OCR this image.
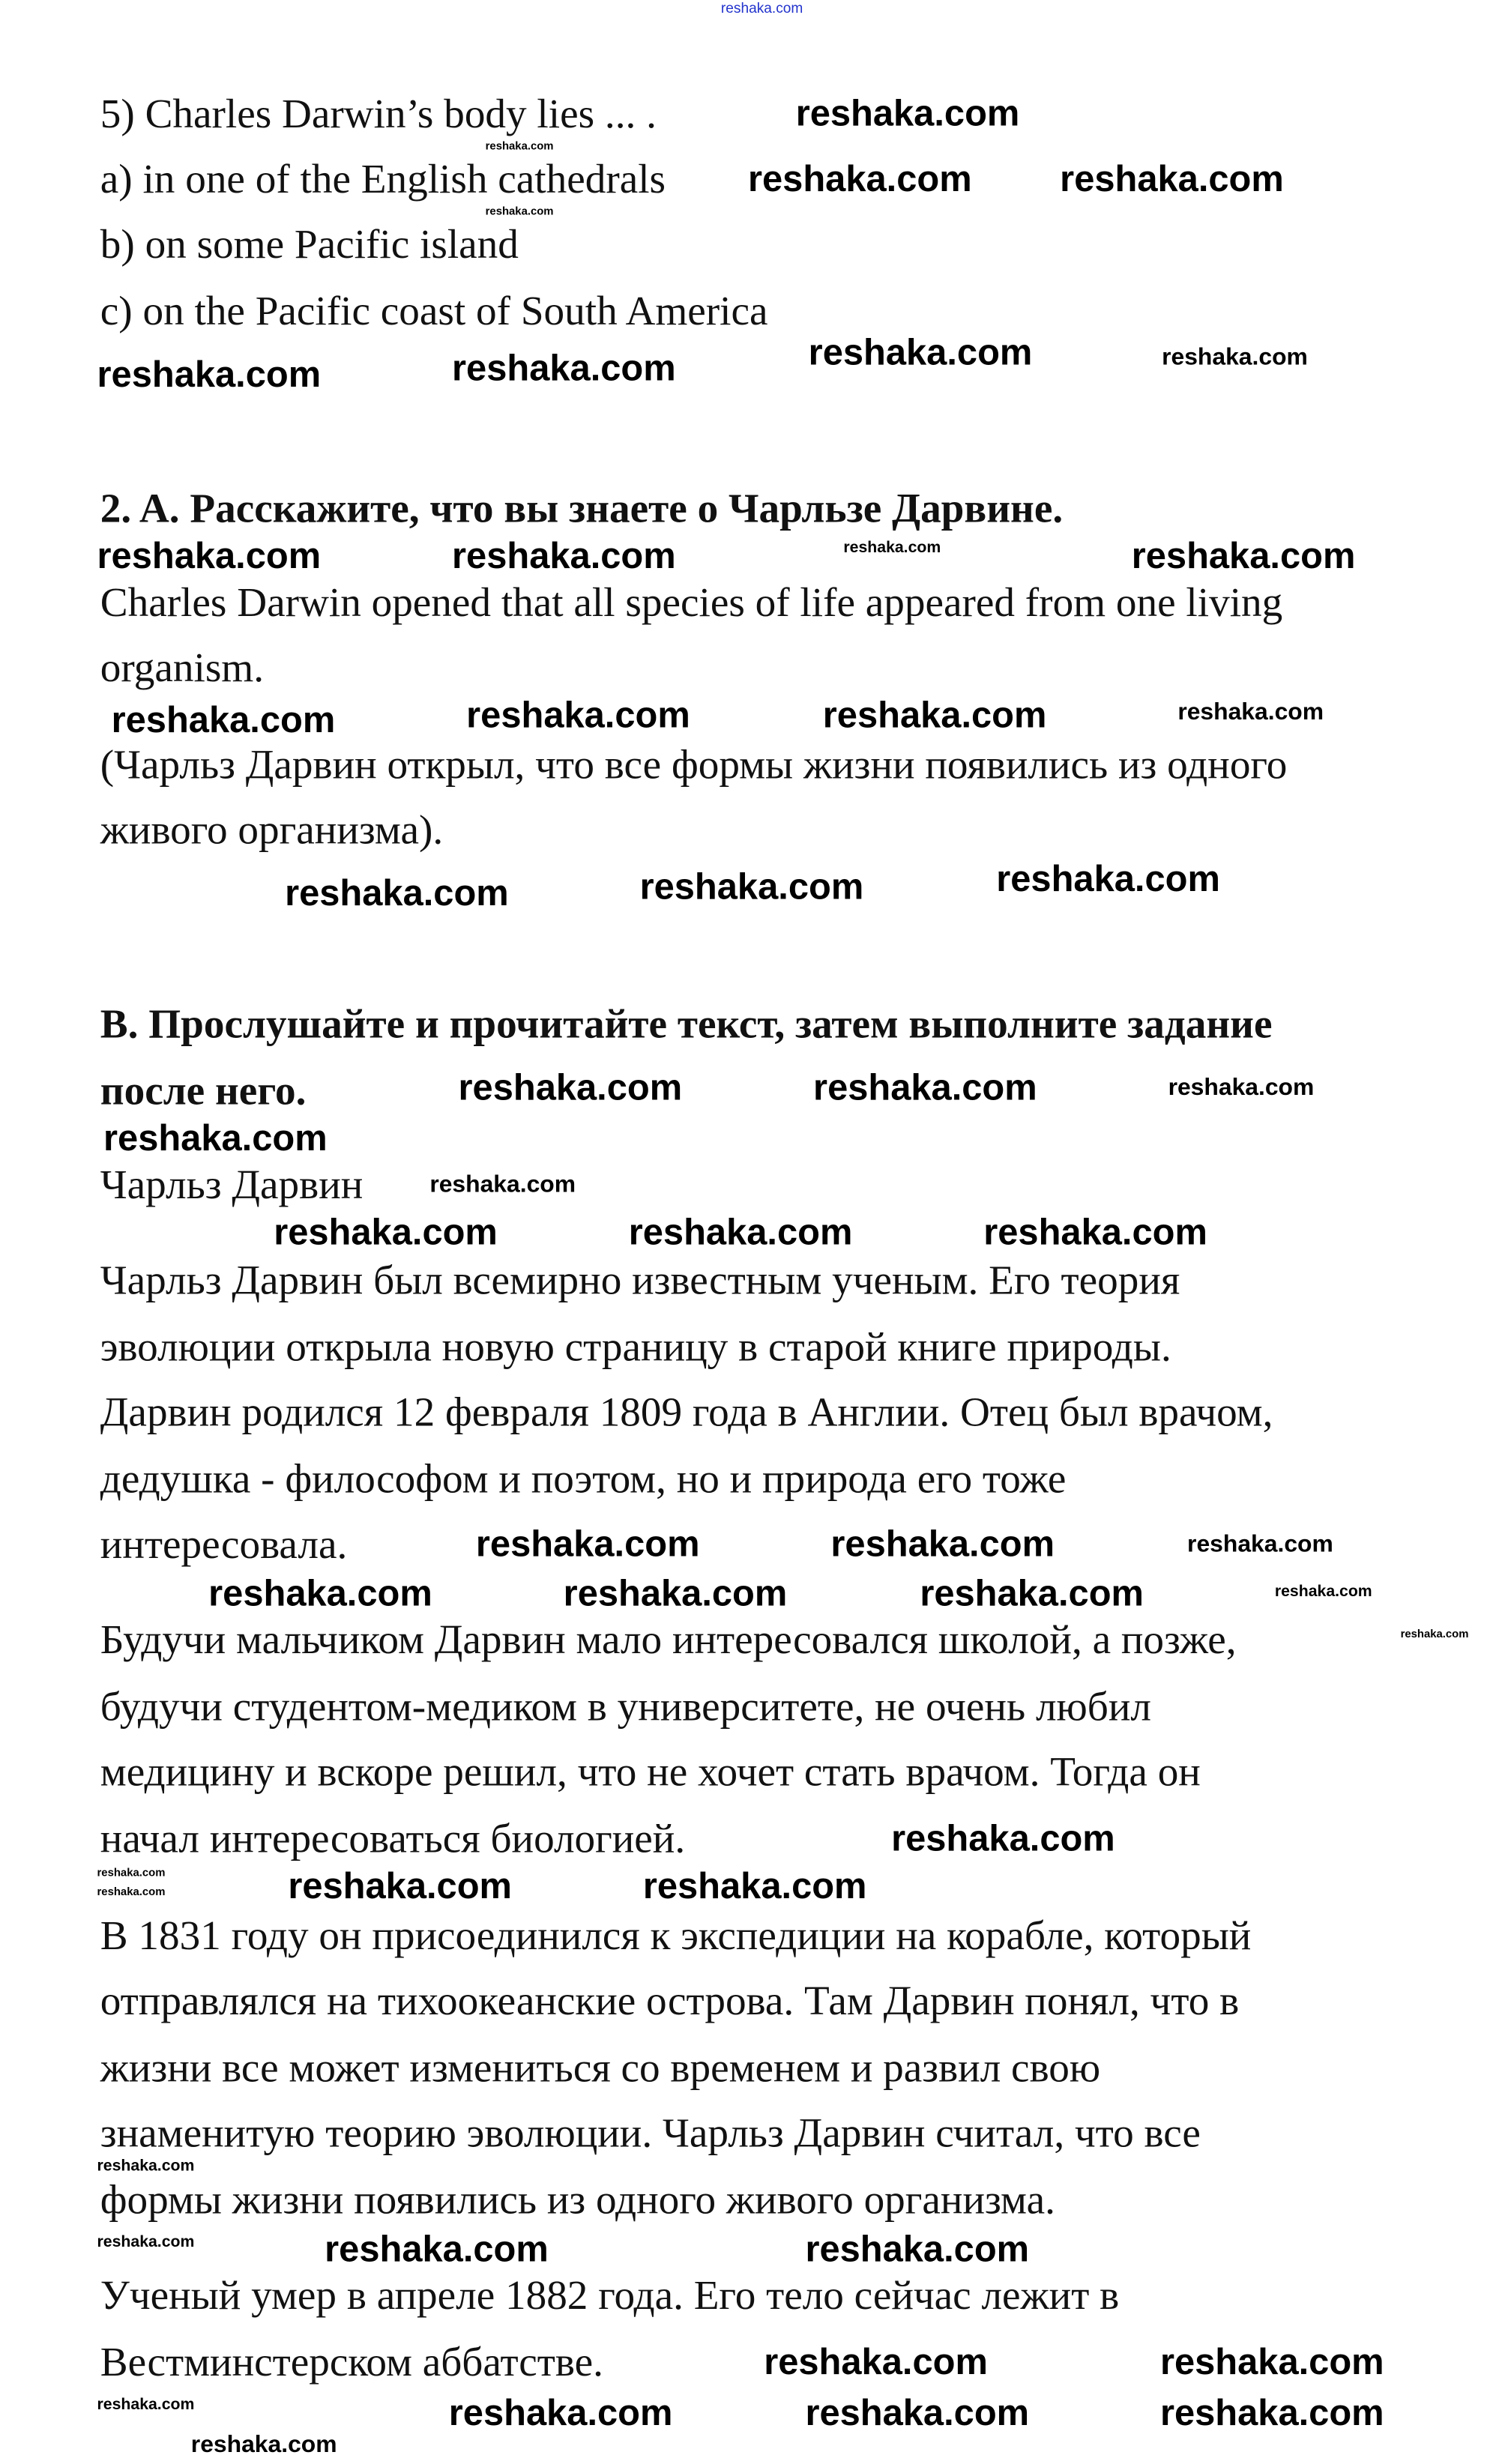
reshaka.com
5) Charles Darwin’s body lies ... .
a) in one of the English cathedrals
b) on some Pacific island
c) on the Pacific coast of South America
2. A. Расскажите, что вы знаете о Чарльзе Дарвине.
Charles Darwin opened that all species of life appeared from one living
organism.
(Чарльз Дарвин открыл, что все формы жизни появились из одного
живого организма).
B. Прослушайте и прочитайте текст, затем выполните задание
после него.
Чарльз Дарвин
Чарльз Дарвин был всемирно известным ученым. Его теория
эволюции открыла новую страницу в старой книге природы.
Дарвин родился 12 февраля 1809 года в Англии. Отец был врачом,
дедушка - философом и поэтом, но и природа его тоже
интересовала.
Будучи мальчиком Дарвин мало интересовался школой, а позже,
будучи студентом-медиком в университете, не очень любил
медицину и вскоре решил, что не хочет стать врачом. Тогда он
начал интересоваться биологией.
В 1831 году он присоединился к экспедиции на корабле, который
отправлялся на тихоокеанские острова. Там Дарвин понял, что в
жизни все может измениться со временем и развил свою
знаменитую теорию эволюции. Чарльз Дарвин считал, что все
формы жизни появились из одного живого организма.
Ученый умер в апреле 1882 года. Его тело сейчас лежит в
Вестминстерском аббатстве.
reshaka.com
reshaka.com
reshaka.com	reshaka.com
reshaka.com
reshaka.com	reshaka.com	reshaka.com	reshaka.com
reshaka.com	reshaka.com	reshaka.com	reshaka.com
reshaka.com	reshaka.com	reshaka.com	reshaka.com
reshaka.com	reshaka.com	reshaka.com
reshaka.com
reshaka.com	reshaka.com	reshaka.com
reshaka.com	reshaka.com	reshaka.com
reshaka.com
reshaka.com	reshaka.com	reshaka.com
reshaka.com
reshaka.com
reshaka.com
reshaka.com	reshaka.com
reshaka.com
reshaka.com	reshaka.com	reshaka.com
reshaka.com
reshaka.com
reshaka.com
reshaka.com
reshaka.com
reshaka.com
reshaka.com
reshaka.com	reshaka.com
reshaka.com
reshaka.com
reshaka.com
